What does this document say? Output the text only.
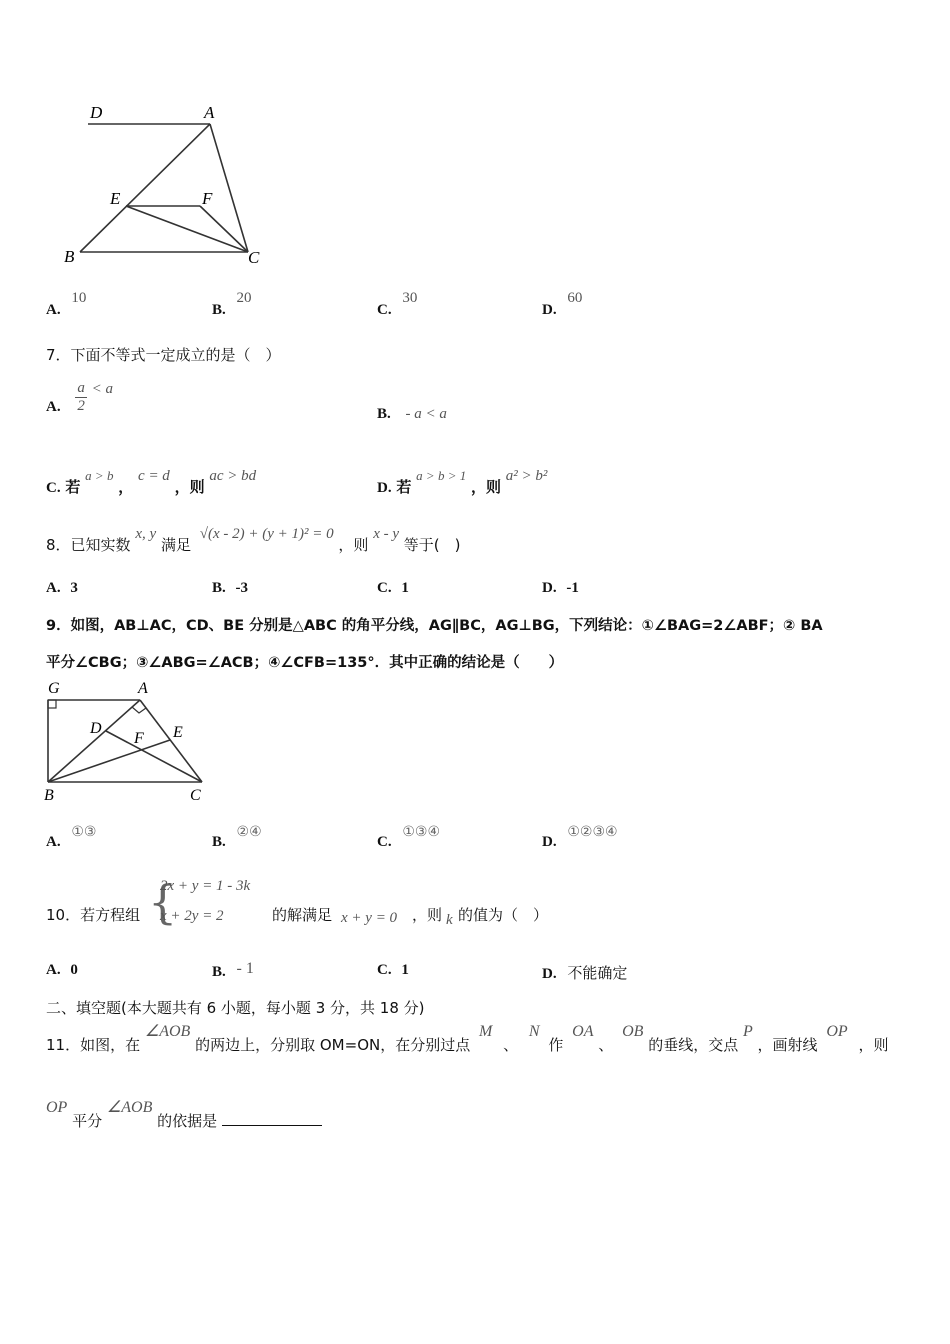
D	A
E	F
B	C
A. 10
B. 20
C. 30
D. 60
7．下面不等式一定成立的是（　）
A. $\frac{a}{2} < a$
B. - a < a
C. 若 a > b ， c = d ，则 ac > bd
D. 若 a > b > 1 ，则 a² > b²
8．已知实数 x, y 满足 √(x - 2) + (y + 1)² = 0 ，则 x - y 等于(　)
A. 3	B. -3	C. 1	D. -1
9．如图，AB⊥AC，CD、BE 分别是△ABC 的角平分线，AG∥BC，AG⊥BG，下列结论：①∠BAG=2∠ABF；② BA
平分∠CBG；③∠ABG=∠ACB；④∠CFB=135°．其中正确的结论是（　　）
G	A
D
F E
B	C
A. ①③
B. ②④
C. ①③④
D. ①②③④
10．若方程组 {
2x + y = 1 - 3k
x + 2y = 2	的解满足 x + y = 0 ，则 k 的值为（　）
A. 0	B. - 1	C. 1	D. 不能确定
二、填空题(本大题共有 6 小题，每小题 3 分，共 18 分)
11．如图，在 ∠AOB 的两边上，分别取 OM=ON，在分别过点 M 、 N 作 OA 、 OB 的垂线，交点 P ，画射线 OP ，则
OP 平分 ∠AOB 的依据是
